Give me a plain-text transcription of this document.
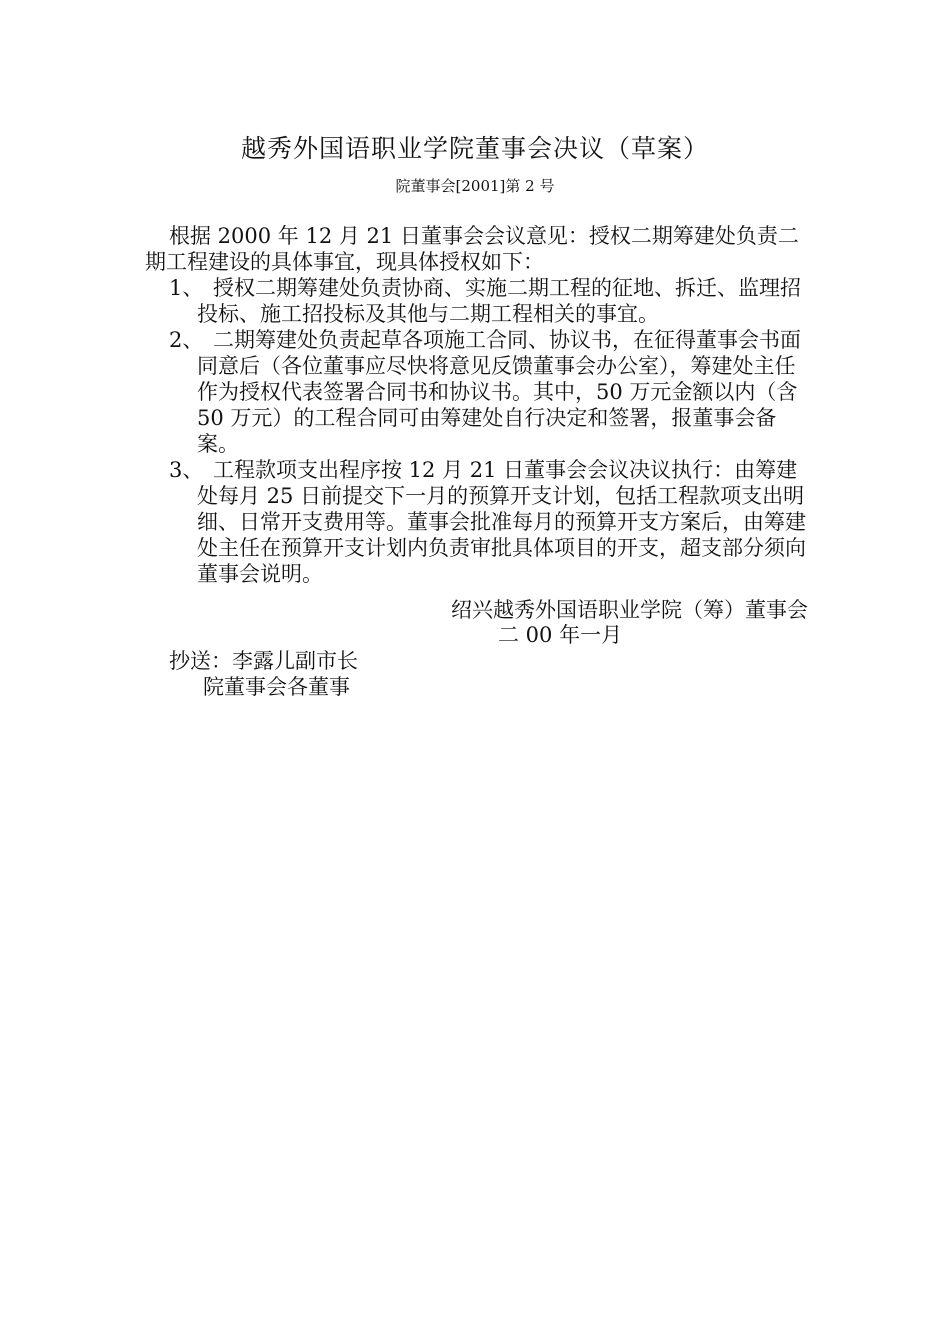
越秀外国语职业学院董事会决议（草案）
院董事会[2001]第 2 号

根据 2000 年 12 月 21 日董事会会议意见：授权二期筹建处负责二期工程建设的具体事宜，现具体授权如下：

1、 授权二期筹建处负责协商、实施二期工程的征地、拆迁、监理招投标、施工招投标及其他与二期工程相关的事宜。

2、 二期筹建处负责起草各项施工合同、协议书，在征得董事会书面同意后（各位董事应尽快将意见反馈董事会办公室），筹建处主任作为授权代表签署合同书和协议书。其中，50 万元金额以内（含 50 万元）的工程合同可由筹建处自行决定和签署，报董事会备案。

3、 工程款项支出程序按 12 月 21 日董事会会议决议执行：由筹建处每月 25 日前提交下一月的预算开支计划，包括工程款项支出明细、日常开支费用等。董事会批准每月的预算开支方案后，由筹建处主任在预算开支计划内负责审批具体项目的开支，超支部分须向董事会说明。

绍兴越秀外国语职业学院（筹）董事会
二 00 年一月
抄送：李露儿副市长
院董事会各董事
